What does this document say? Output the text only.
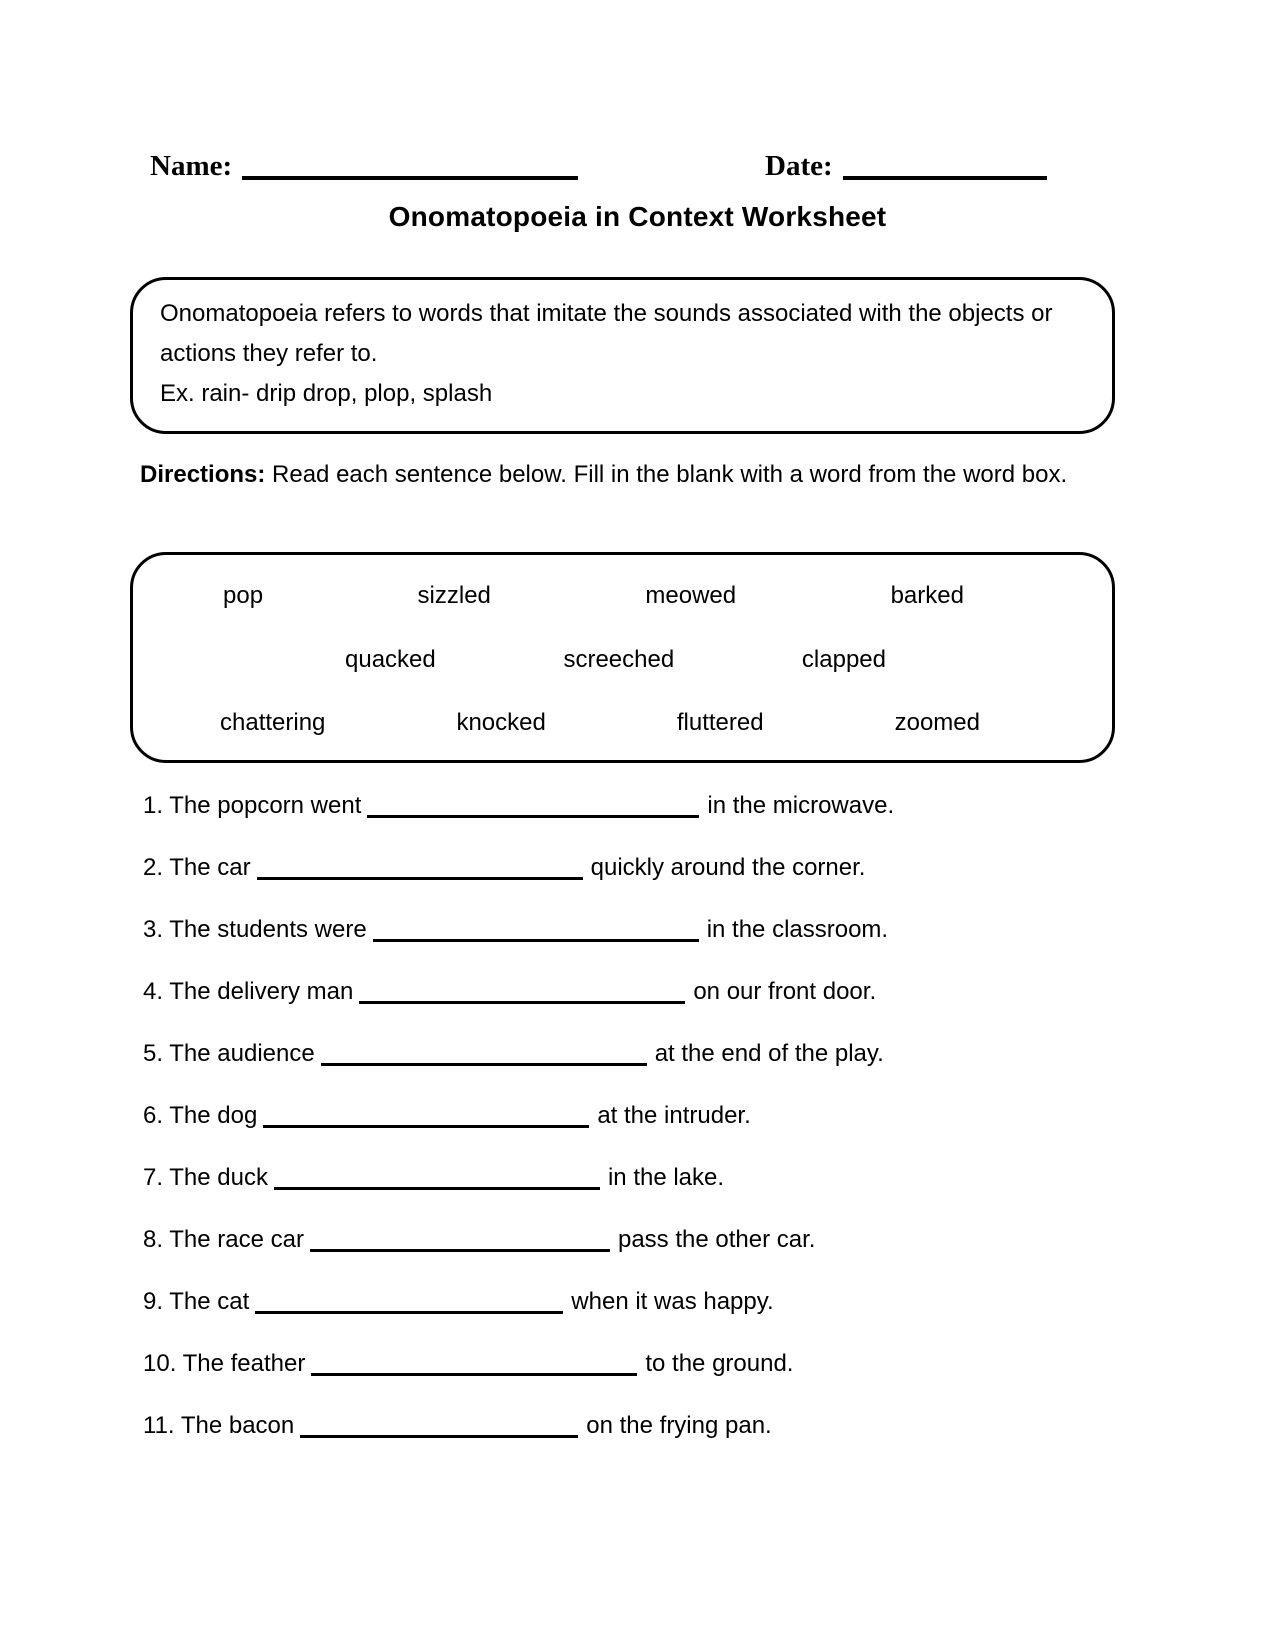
Name:	Date:
Onomatopoeia in Context Worksheet

Onomatopoeia refers to words that imitate the sounds associated with the objects or actions they refer to.

Ex. rain- drip drop, plop, splash

Directions: Read each sentence below. Fill in the blank with a word from the word box.

pop	sizzled	meowed	barked
quacked	screeched	clapped
chattering	knocked	fluttered	zoomed
1. The popcorn went	in the microwave.
2. The car	quickly around the corner.
3. The students were	in the classroom.
4. The delivery man	on our front door.
5. The audience	at the end of the play.
6. The dog	at the intruder.
7. The duck	in the lake.
8. The race car	pass the other car.
9. The cat	when it was happy.
10. The feather	to the ground.
11. The bacon	on the frying pan.
